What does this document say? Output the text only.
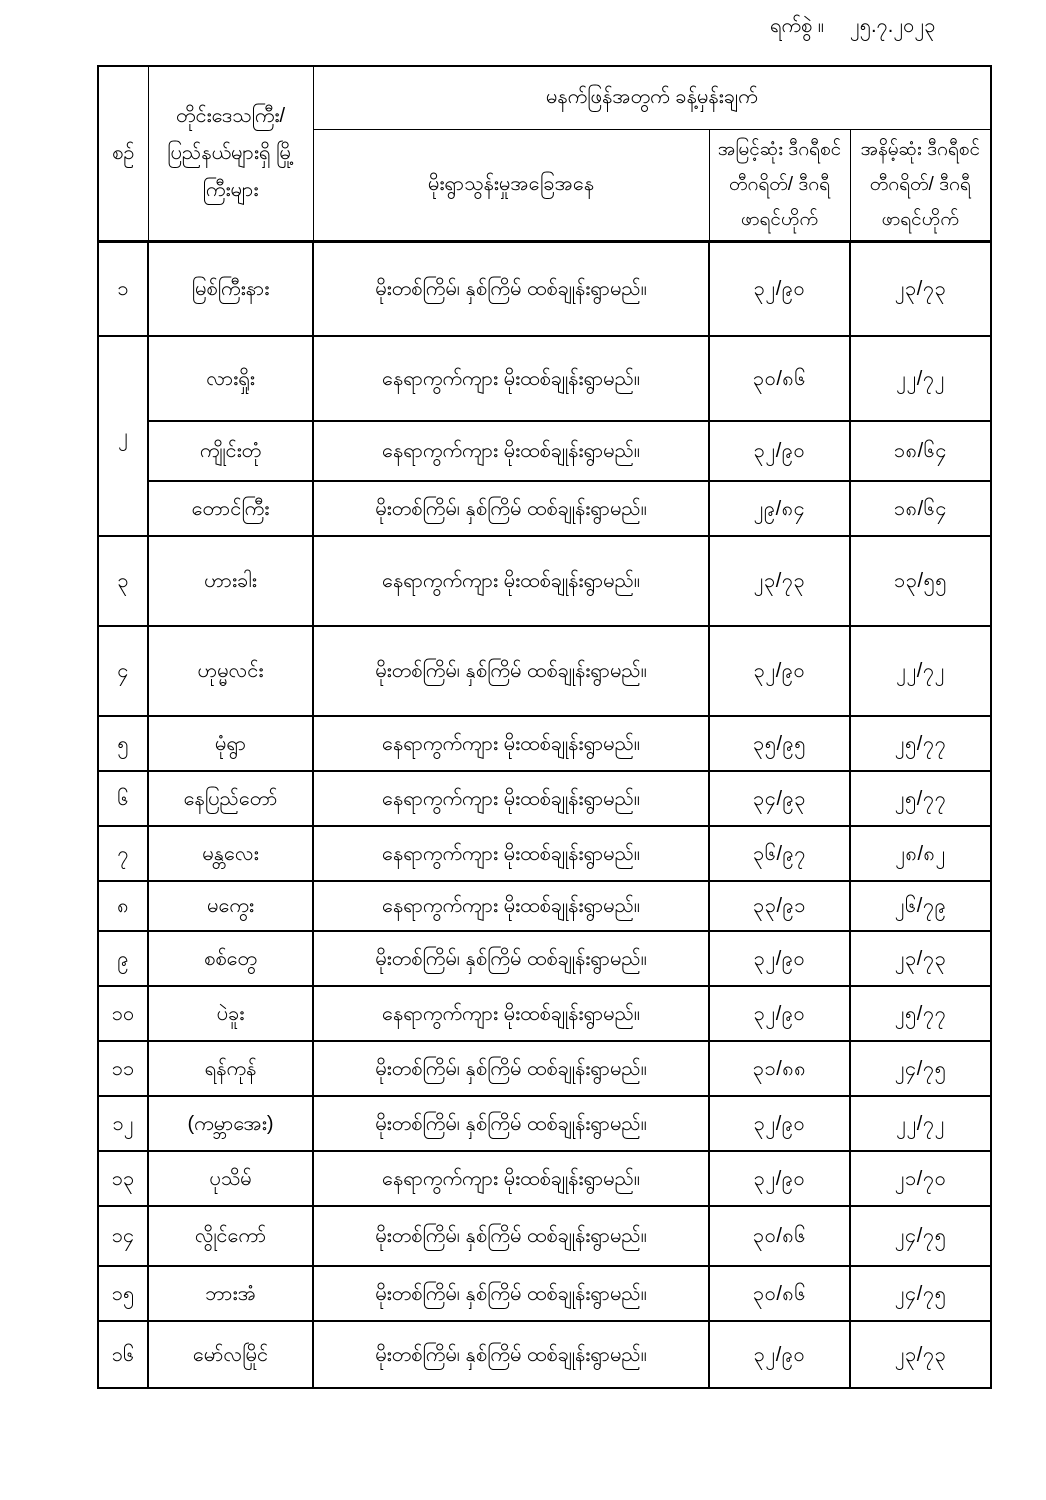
ရက်စွဲ ။ ၂၅.၇.၂၀၂၃
စဉ်	တိုင်းဒေသကြီး/ ပြည်နယ်များရှိ မြို့ကြီးများ	မနက်ဖြန်အတွက် ခန့်မှန်းချက်		
		မိုးရွာသွန်းမှုအခြေအနေ	အမြင့်ဆုံး ဒီဂရီစင်တီဂရိတ်/ ဒီဂရီဖာရင်ဟိုက်	အနိမ့်ဆုံး ဒီဂရီစင်တီဂရိတ်/ ဒီဂရီဖာရင်ဟိုက်
၁	မြစ်ကြီးနား	မိုးတစ်ကြိမ်၊ နှစ်ကြိမ် ထစ်ချုန်းရွာမည်။	၃၂/၉၀	၂၃/၇၃
၂	လားရှိုး	နေရာကွက်ကျား မိုးထစ်ချုန်းရွာမည်။	၃၀/၈၆	၂၂/၇၂
	ကျိုင်းတုံ	နေရာကွက်ကျား မိုးထစ်ချုန်းရွာမည်။	၃၂/၉၀	၁၈/၆၄
	တောင်ကြီး	မိုးတစ်ကြိမ်၊ နှစ်ကြိမ် ထစ်ချုန်းရွာမည်။	၂၉/၈၄	၁၈/၆၄
၃	ဟားခါး	နေရာကွက်ကျား မိုးထစ်ချုန်းရွာမည်။	၂၃/၇၃	၁၃/၅၅
၄	ဟုမ္မလင်း	မိုးတစ်ကြိမ်၊ နှစ်ကြိမ် ထစ်ချုန်းရွာမည်။	၃၂/၉၀	၂၂/၇၂
၅	မုံရွာ	နေရာကွက်ကျား မိုးထစ်ချုန်းရွာမည်။	၃၅/၉၅	၂၅/၇၇
၆	နေပြည်တော်	နေရာကွက်ကျား မိုးထစ်ချုန်းရွာမည်။	၃၄/၉၃	၂၅/၇၇
၇	မန္တလေး	နေရာကွက်ကျား မိုးထစ်ချုန်းရွာမည်။	၃၆/၉၇	၂၈/၈၂
၈	မကွေး	နေရာကွက်ကျား မိုးထစ်ချုန်းရွာမည်။	၃၃/၉၁	၂၆/၇၉
၉	စစ်တွေ	မိုးတစ်ကြိမ်၊ နှစ်ကြိမ် ထစ်ချုန်းရွာမည်။	၃၂/၉၀	၂၃/၇၃
၁၀	ပဲခူး	နေရာကွက်ကျား မိုးထစ်ချုန်းရွာမည်။	၃၂/၉၀	၂၅/၇၇
၁၁	ရန်ကုန်	မိုးတစ်ကြိမ်၊ နှစ်ကြိမ် ထစ်ချုန်းရွာမည်။	၃၁/၈၈	၂၄/၇၅
၁၂	(ကမ္ဘာအေး)	မိုးတစ်ကြိမ်၊ နှစ်ကြိမ် ထစ်ချုန်းရွာမည်။	၃၂/၉၀	၂၂/၇၂
၁၃	ပုသိမ်	နေရာကွက်ကျား မိုးထစ်ချုန်းရွာမည်။	၃၂/၉၀	၂၁/၇၀
၁၄	လွိုင်ကော်	မိုးတစ်ကြိမ်၊ နှစ်ကြိမ် ထစ်ချုန်းရွာမည်။	၃၀/၈၆	၂၄/၇၅
၁၅	ဘားအံ	မိုးတစ်ကြိမ်၊ နှစ်ကြိမ် ထစ်ချုန်းရွာမည်။	၃၀/၈၆	၂၄/၇၅
၁၆	မော်လမြိုင်	မိုးတစ်ကြိမ်၊ နှစ်ကြိမ် ထစ်ချုန်းရွာမည်။	၃၂/၉၀	၂၃/၇၃
